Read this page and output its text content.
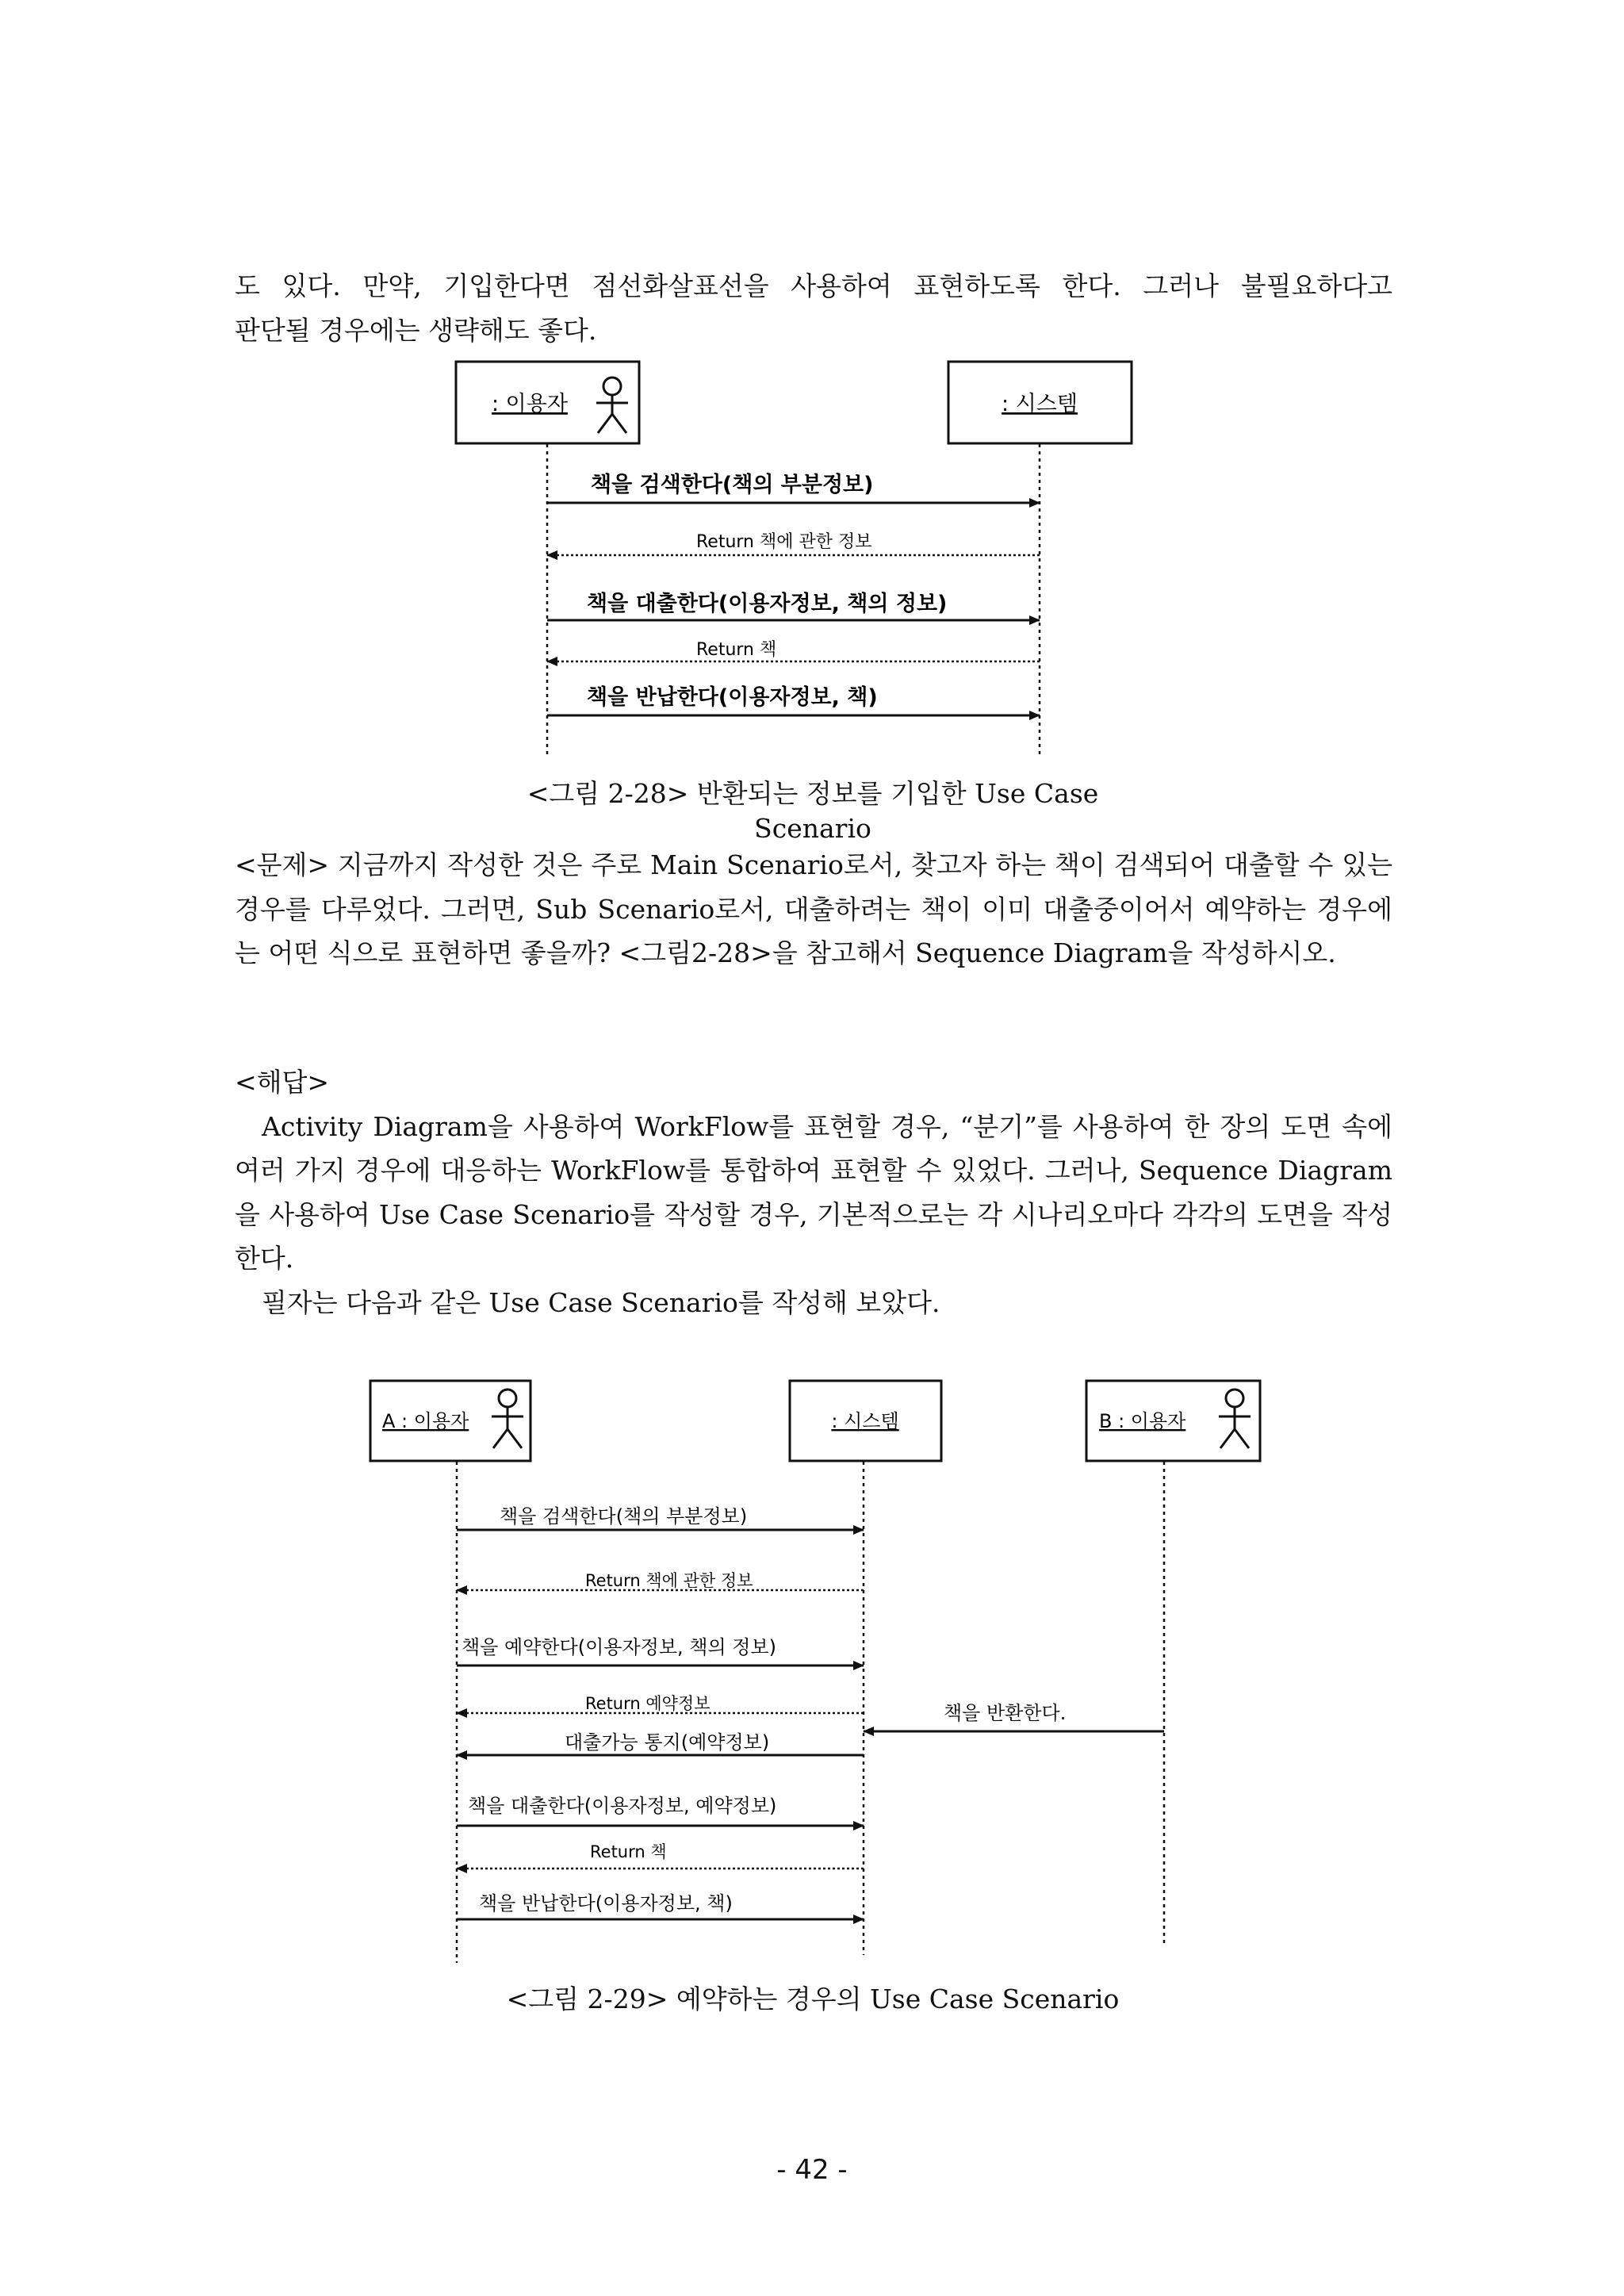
도 있다. 만약, 기입한다면 점선화살표선을 사용하여 표현하도록 한다. 그러나 불필요하다고

판단될 경우에는 생략해도 좋다.

: 이용자	: 시스템
책을 검색한다(책의 부분정보)
Return 책에 관한 정보
책을 대출한다(이용자정보, 책의 정보)
Return 책
책을 반납한다(이용자정보, 책)
<그림 2-28> 반환되는 정보를 기입한 Use Case
Scenario

<문제> 지금까지 작성한 것은 주로 Main Scenario로서, 찾고자 하는 책이 검색되어 대출할 수 있는 경우를 다루었다. 그러면, Sub Scenario로서, 대출하려는 책이 이미 대출중이어서 예약하는 경우에는 어떤 식으로 표현하면 좋을까? <그림2-28>을 참고해서 Sequence Diagram을 작성하시오.

<해답>

Activity Diagram을 사용하여 WorkFlow를 표현할 경우, “분기”를 사용하여 한 장의 도면 속에 여러 가지 경우에 대응하는 WorkFlow를 통합하여 표현할 수 있었다. 그러나, Sequence Diagram을 사용하여 Use Case Scenario를 작성할 경우, 기본적으로는 각 시나리오마다 각각의 도면을 작성한다.

필자는 다음과 같은 Use Case Scenario를 작성해 보았다.

A : 이용자	: 시스템	B : 이용자
책을 검색한다(책의 부분정보)
Return 책에 관한 정보
책을 예약한다(이용자정보, 책의 정보)
Return 예약정보	책을 반환한다.
대출가능 통지(예약정보)
책을 대출한다(이용자정보, 예약정보)
Return 책
책을 반납한다(이용자정보, 책)
<그림 2-29> 예약하는 경우의 Use Case Scenario
- 42 -
